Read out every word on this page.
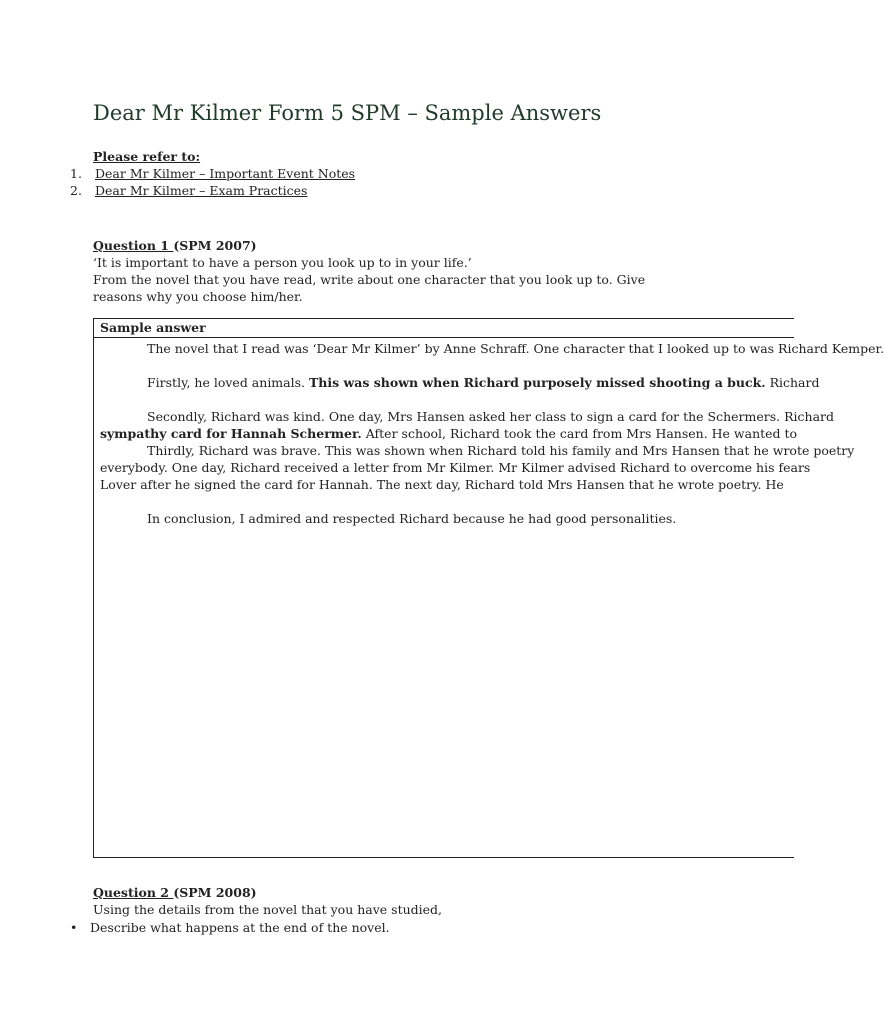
Dear Mr Kilmer Form 5 SPM – Sample Answers
Please refer to:
1. Dear Mr Kilmer – Important Event Notes
2. Dear Mr Kilmer – Exam Practices
Question 1 (SPM 2007)
‘It is important to have a person you look up to in your life.’
From the novel that you have read, write about one character that you look up to. Give
reasons why you choose him/her.
Sample answer
The novel that I read was ‘Dear Mr Kilmer’ by Anne Schraff. One character that I looked up to was Richard Kemper.
Firstly, he loved animals. This was shown when Richard purposely missed shooting a buck. Richard
Secondly, Richard was kind. One day, Mrs Hansen asked her class to sign a card for the Schermers. Richard
sympathy card for Hannah Schermer. After school, Richard took the card from Mrs Hansen. He wanted to
Thirdly, Richard was brave. This was shown when Richard told his family and Mrs Hansen that he wrote poetry
everybody. One day, Richard received a letter from Mr Kilmer. Mr Kilmer advised Richard to overcome his fears
Lover after he signed the card for Hannah. The next day, Richard told Mrs Hansen that he wrote poetry. He
In conclusion, I admired and respected Richard because he had good personalities.
Question 2 (SPM 2008)
Using the details from the novel that you have studied,
• Describe what happens at the end of the novel.
